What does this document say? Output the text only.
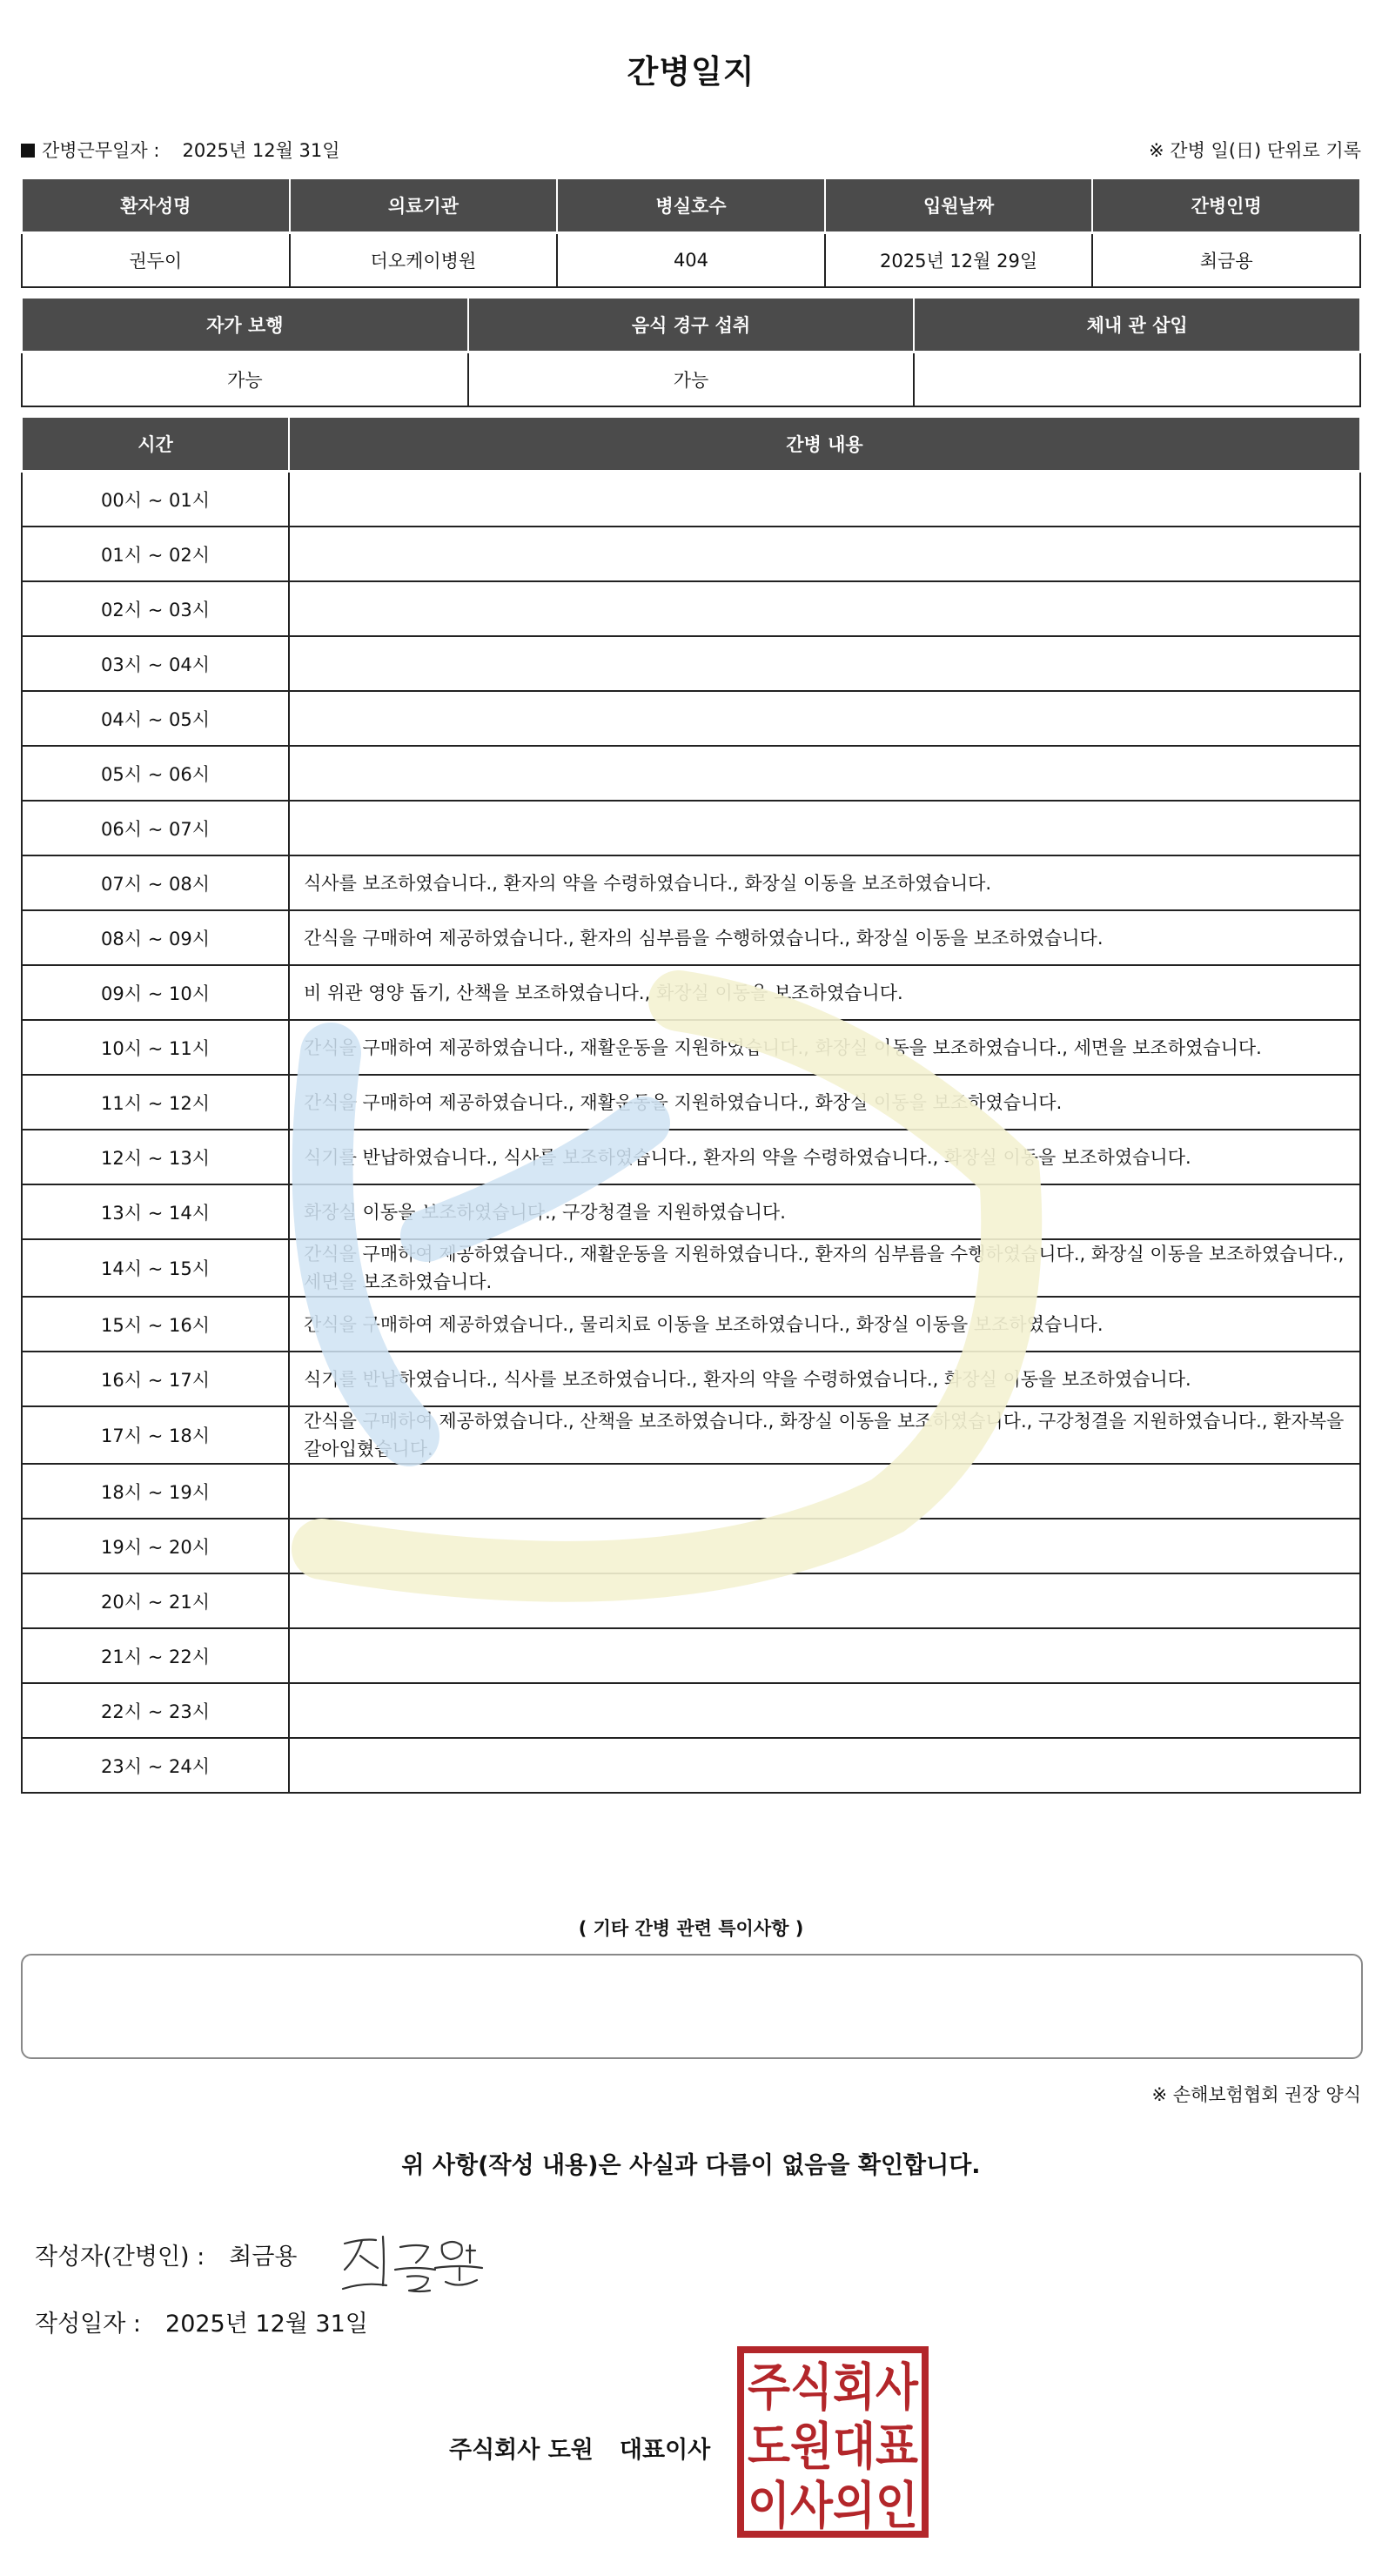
간병일지
간병근무일자 : 2025년 12월 31일	※ 간병 일(日) 단위로 기록
환자성명	의료기관	병실호수	입원날짜	간병인명
권두이	더오케이병원	404	2025년 12월 29일	최금용
자가 보행	음식 경구 섭취	체내 관 삽입
가능	가능	
시간	간병 내용
00시 ~ 01시	
01시 ~ 02시	
02시 ~ 03시	
03시 ~ 04시	
04시 ~ 05시	
05시 ~ 06시	
06시 ~ 07시	
07시 ~ 08시	식사를 보조하였습니다., 환자의 약을 수령하였습니다., 화장실 이동을 보조하였습니다.
08시 ~ 09시	간식을 구매하여 제공하였습니다., 환자의 심부름을 수행하였습니다., 화장실 이동을 보조하였습니다.
09시 ~ 10시	비 위관 영양 돕기, 산책을 보조하였습니다., 화장실 이동을 보조하였습니다.
10시 ~ 11시	간식을 구매하여 제공하였습니다., 재활운동을 지원하였습니다., 화장실 이동을 보조하였습니다., 세면을 보조하였습니다.
11시 ~ 12시	간식을 구매하여 제공하였습니다., 재활운동을 지원하였습니다., 화장실 이동을 보조하였습니다.
12시 ~ 13시	식기를 반납하였습니다., 식사를 보조하였습니다., 환자의 약을 수령하였습니다., 화장실 이동을 보조하였습니다.
13시 ~ 14시	화장실 이동을 보조하였습니다., 구강청결을 지원하였습니다.
14시 ~ 15시	간식을 구매하여 제공하였습니다., 재활운동을 지원하였습니다., 환자의 심부름을 수행하였습니다., 화장실 이동을 보조하였습니다., 세면을 보조하였습니다.
15시 ~ 16시	간식을 구매하여 제공하였습니다., 물리치료 이동을 보조하였습니다., 화장실 이동을 보조하였습니다.
16시 ~ 17시	식기를 반납하였습니다., 식사를 보조하였습니다., 환자의 약을 수령하였습니다., 화장실 이동을 보조하였습니다.
17시 ~ 18시	간식을 구매하여 제공하였습니다., 산책을 보조하였습니다., 화장실 이동을 보조하였습니다., 구강청결을 지원하였습니다., 환자복을 갈아입혔습니다.
18시 ~ 19시	
19시 ~ 20시	
20시 ~ 21시	
21시 ~ 22시	
22시 ~ 23시	
23시 ~ 24시	
( 기타 간병 관련 특이사항 )
※ 손해보험협회 권장 양식
위 사항(작성 내용)은 사실과 다름이 없음을 확인합니다.
작성자(간병인) : 최금용
작성일자 : 2025년 12월 31일
주식회사 도원 대표이사
주식회사
도원대표
이사의인
